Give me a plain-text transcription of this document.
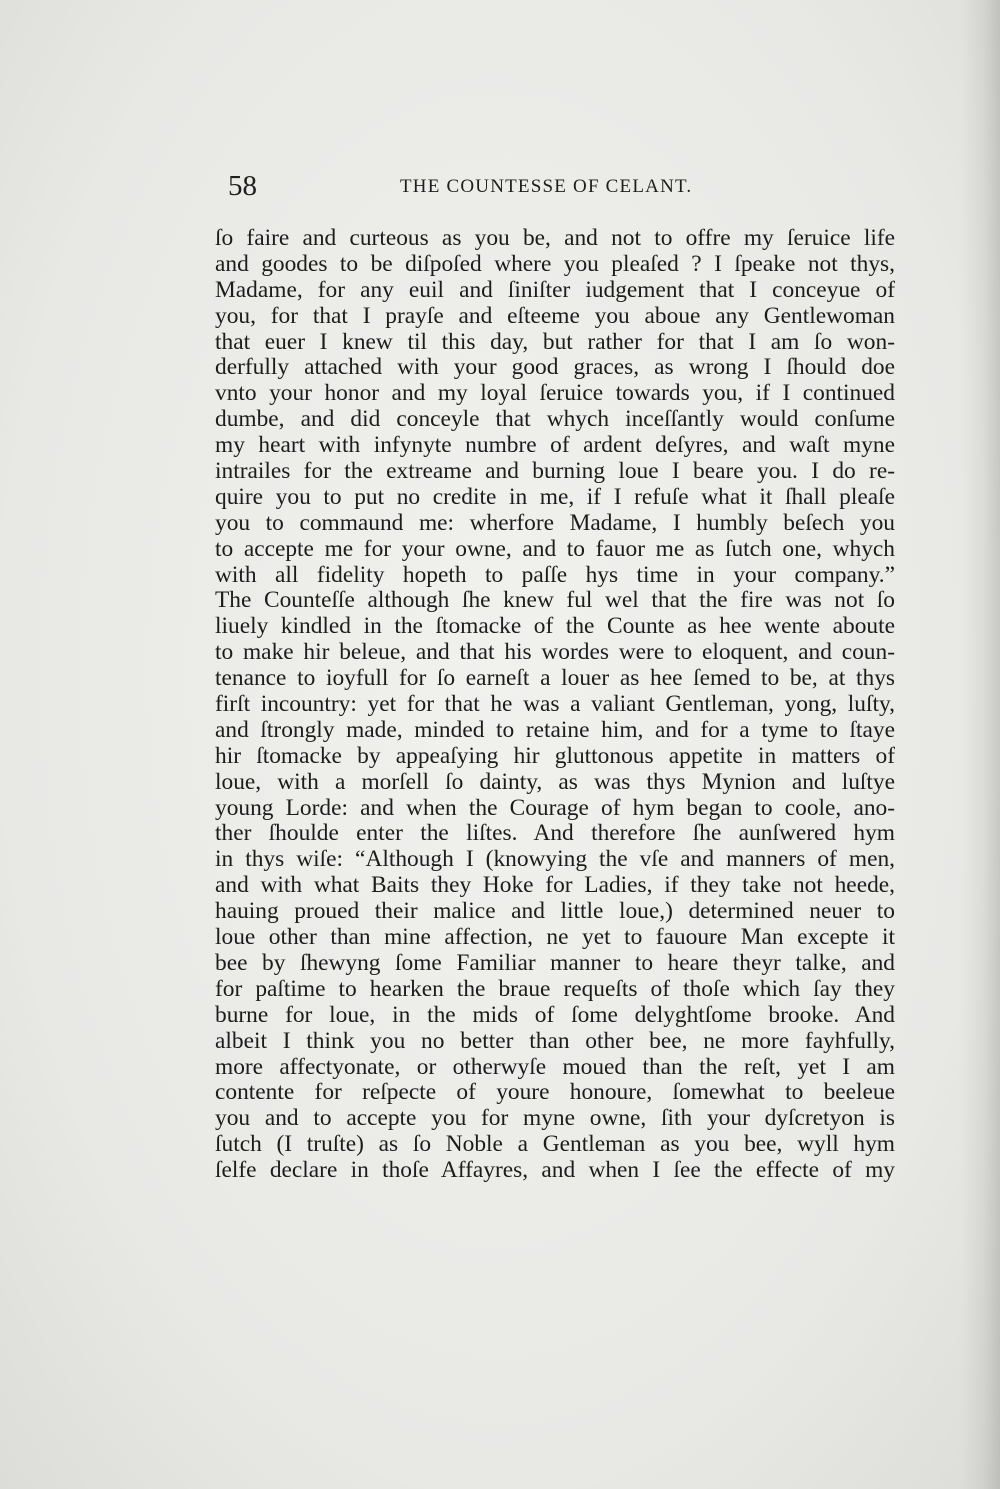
58	THE COUNTESSE OF CELANT.
ſo faire and curteous as you be, and not to offre my ſeruice life
and goodes to be diſpoſed where you pleaſed ? I ſpeake not thys,
Madame, for any euil and ſiniſter iudgement that I conceyue of
you, for that I prayſe and eſteeme you aboue any Gentlewoman
that euer I knew til this day, but rather for that I am ſo won-
derfully attached with your good graces, as wrong I ſhould doe
vnto your honor and my loyal ſeruice towards you, if I continued
dumbe, and did conceyle that whych inceſſantly would conſume
my heart with infynyte numbre of ardent deſyres, and waſt myne
intrailes for the extreame and burning loue I beare you. I do re-
quire you to put no credite in me, if I refuſe what it ſhall pleaſe
you to commaund me: wherfore Madame, I humbly beſech you
to accepte me for your owne, and to fauor me as ſutch one, whych
with all fidelity hopeth to paſſe hys time in your company.”
The Counteſſe although ſhe knew ful wel that the fire was not ſo
liuely kindled in the ſtomacke of the Counte as hee wente aboute
to make hir beleue, and that his wordes were to eloquent, and coun-
tenance to ioyfull for ſo earneſt a louer as hee ſemed to be, at thys
firſt incountry: yet for that he was a valiant Gentleman, yong, luſty,
and ſtrongly made, minded to retaine him, and for a tyme to ſtaye
hir ſtomacke by appeaſying hir gluttonous appetite in matters of
loue, with a morſell ſo dainty, as was thys Mynion and luſtye
young Lorde: and when the Courage of hym began to coole, ano-
ther ſhoulde enter the liſtes. And therefore ſhe aunſwered hym
in thys wiſe: “Although I (knowying the vſe and manners of men,
and with what Baits they Hoke for Ladies, if they take not heede,
hauing proued their malice and little loue,) determined neuer to
loue other than mine affection, ne yet to fauoure Man excepte it
bee by ſhewyng ſome Familiar manner to heare theyr talke, and
for paſtime to hearken the braue requeſts of thoſe which ſay they
burne for loue, in the mids of ſome delyghtſome brooke. And
albeit I think you no better than other bee, ne more fayhfully,
more affectyonate, or otherwyſe moued than the reſt, yet I am
contente for reſpecte of youre honoure, ſomewhat to beeleue
you and to accepte you for myne owne, ſith your dyſcretyon is
ſutch (I truſte) as ſo Noble a Gentleman as you bee, wyll hym
ſelfe declare in thoſe Affayres, and when I ſee the effecte of my
